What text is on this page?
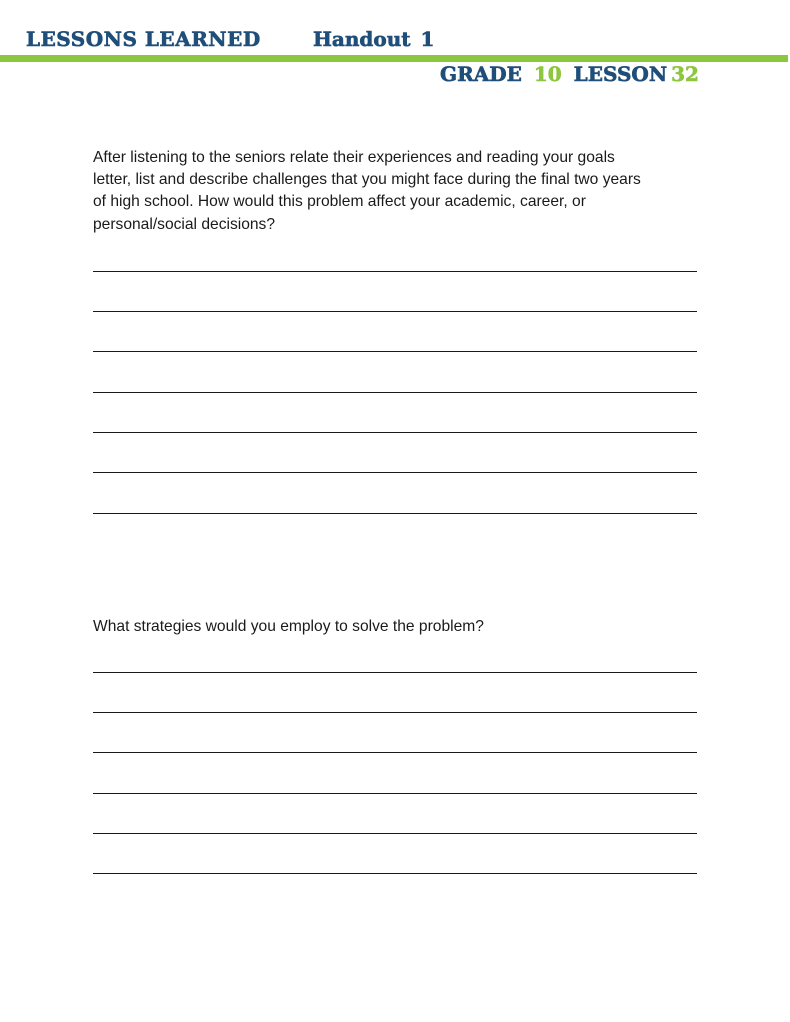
LESSONS LEARNED	Handout 1
GRADE 10 LESSON 32
After listening to the seniors relate their experiences and reading your goals
letter, list and describe challenges that you might face during the final two years
of high school. How would this problem affect your academic, career, or
personal/social decisions?
What strategies would you employ to solve the problem?
